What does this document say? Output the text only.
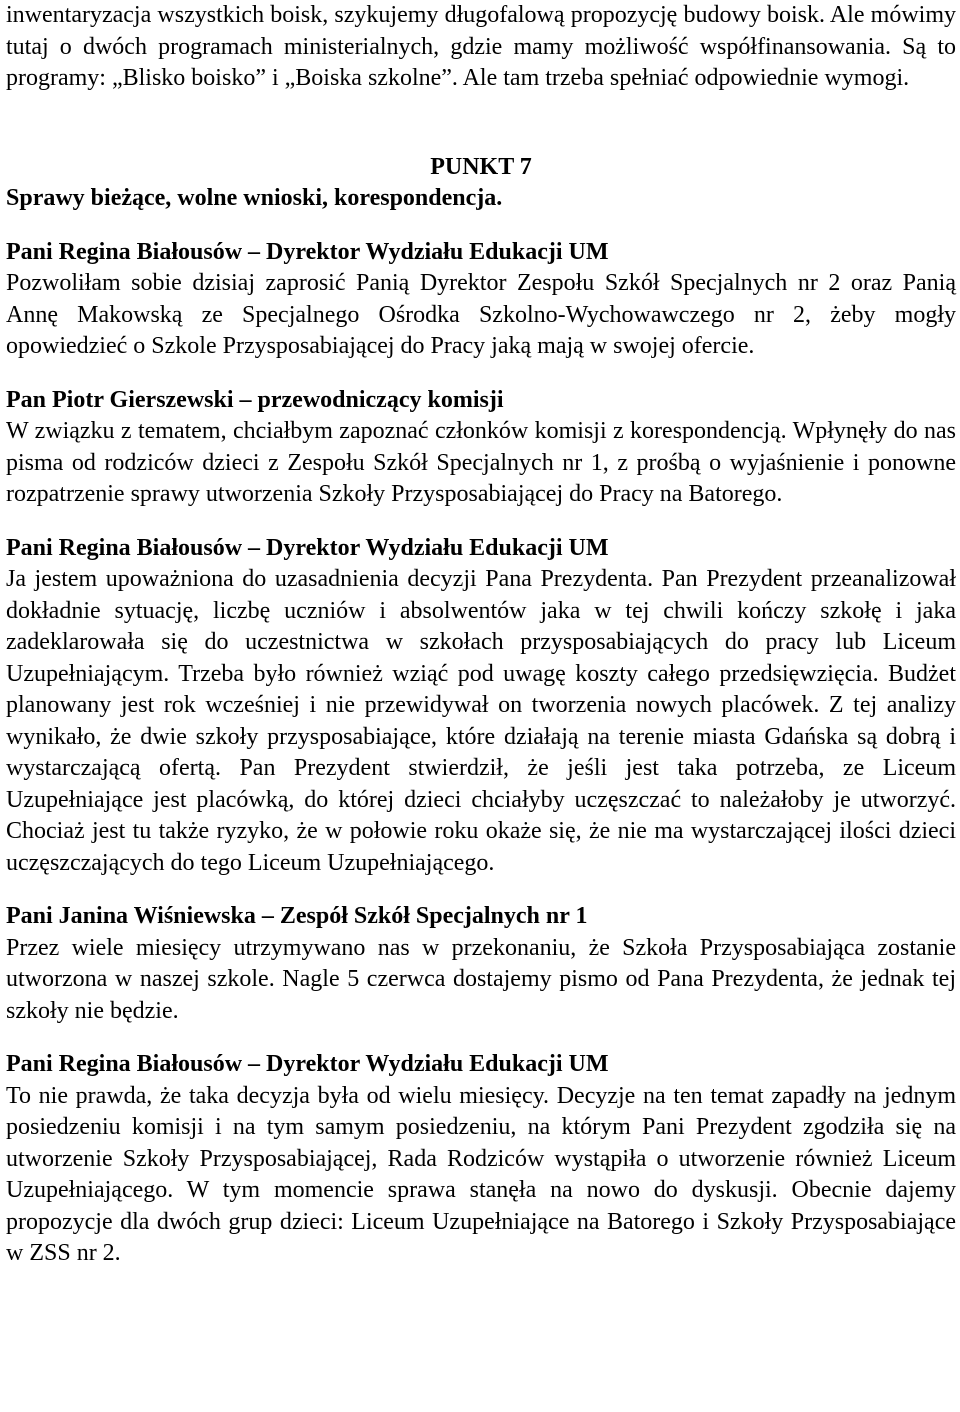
inwentaryzacja wszystkich boisk, szykujemy długofalową propozycję budowy boisk. Ale mówimy tutaj o dwóch programach ministerialnych, gdzie mamy możliwość współfinansowania. Są to programy: „Blisko boisko” i „Boiska szkolne”. Ale tam trzeba spełniać odpowiednie wymogi.

PUNKT 7
Sprawy bieżące, wolne wnioski, korespondencja.
Pani Regina Białousów – Dyrektor Wydziału Edukacji UM

Pozwoliłam sobie dzisiaj zaprosić Panią Dyrektor Zespołu Szkół Specjalnych nr 2 oraz Panią Annę Makowską ze Specjalnego Ośrodka Szkolno-Wychowawczego nr 2, żeby mogły opowiedzieć o Szkole Przysposabiającej do Pracy jaką mają w swojej ofercie.

Pan Piotr Gierszewski – przewodniczący komisji

W związku z tematem, chciałbym zapoznać członków komisji z korespondencją. Wpłynęły do nas pisma od rodziców dzieci z Zespołu Szkół Specjalnych nr 1, z prośbą o wyjaśnienie i ponowne rozpatrzenie sprawy utworzenia Szkoły Przysposabiającej do Pracy na Batorego.

Pani Regina Białousów – Dyrektor Wydziału Edukacji UM

Ja jestem upoważniona do uzasadnienia decyzji Pana Prezydenta. Pan Prezydent przeanalizował dokładnie sytuację, liczbę uczniów i absolwentów jaka w tej chwili kończy szkołę i jaka zadeklarowała się do uczestnictwa w szkołach przysposabiających do pracy lub Liceum Uzupełniającym. Trzeba było również wziąć pod uwagę koszty całego przedsięwzięcia. Budżet planowany jest rok wcześniej i nie przewidywał on tworzenia nowych placówek. Z tej analizy wynikało, że dwie szkoły przysposabiające, które działają na terenie miasta Gdańska są dobrą i wystarczającą ofertą. Pan Prezydent stwierdził, że jeśli jest taka potrzeba, ze Liceum Uzupełniające jest placówką, do której dzieci chciałyby uczęszczać to należałoby je utworzyć. Chociaż jest tu także ryzyko, że w połowie roku okaże się, że nie ma wystarczającej ilości dzieci uczęszczających do tego Liceum Uzupełniającego.

Pani Janina Wiśniewska – Zespół Szkół Specjalnych nr 1

Przez wiele miesięcy utrzymywano nas w przekonaniu, że Szkoła Przysposabiająca zostanie utworzona w naszej szkole. Nagle 5 czerwca dostajemy pismo od Pana Prezydenta, że jednak tej szkoły nie będzie.

Pani Regina Białousów – Dyrektor Wydziału Edukacji UM

To nie prawda, że taka decyzja była od wielu miesięcy. Decyzje na ten temat zapadły na jednym posiedzeniu komisji i na tym samym posiedzeniu, na którym Pani Prezydent zgodziła się na utworzenie Szkoły Przysposabiającej, Rada Rodziców wystąpiła o utworzenie również Liceum Uzupełniającego. W tym momencie sprawa stanęła na nowo do dyskusji. Obecnie dajemy propozycje dla dwóch grup dzieci: Liceum Uzupełniające na Batorego i Szkoły Przysposabiające w ZSS nr 2.
